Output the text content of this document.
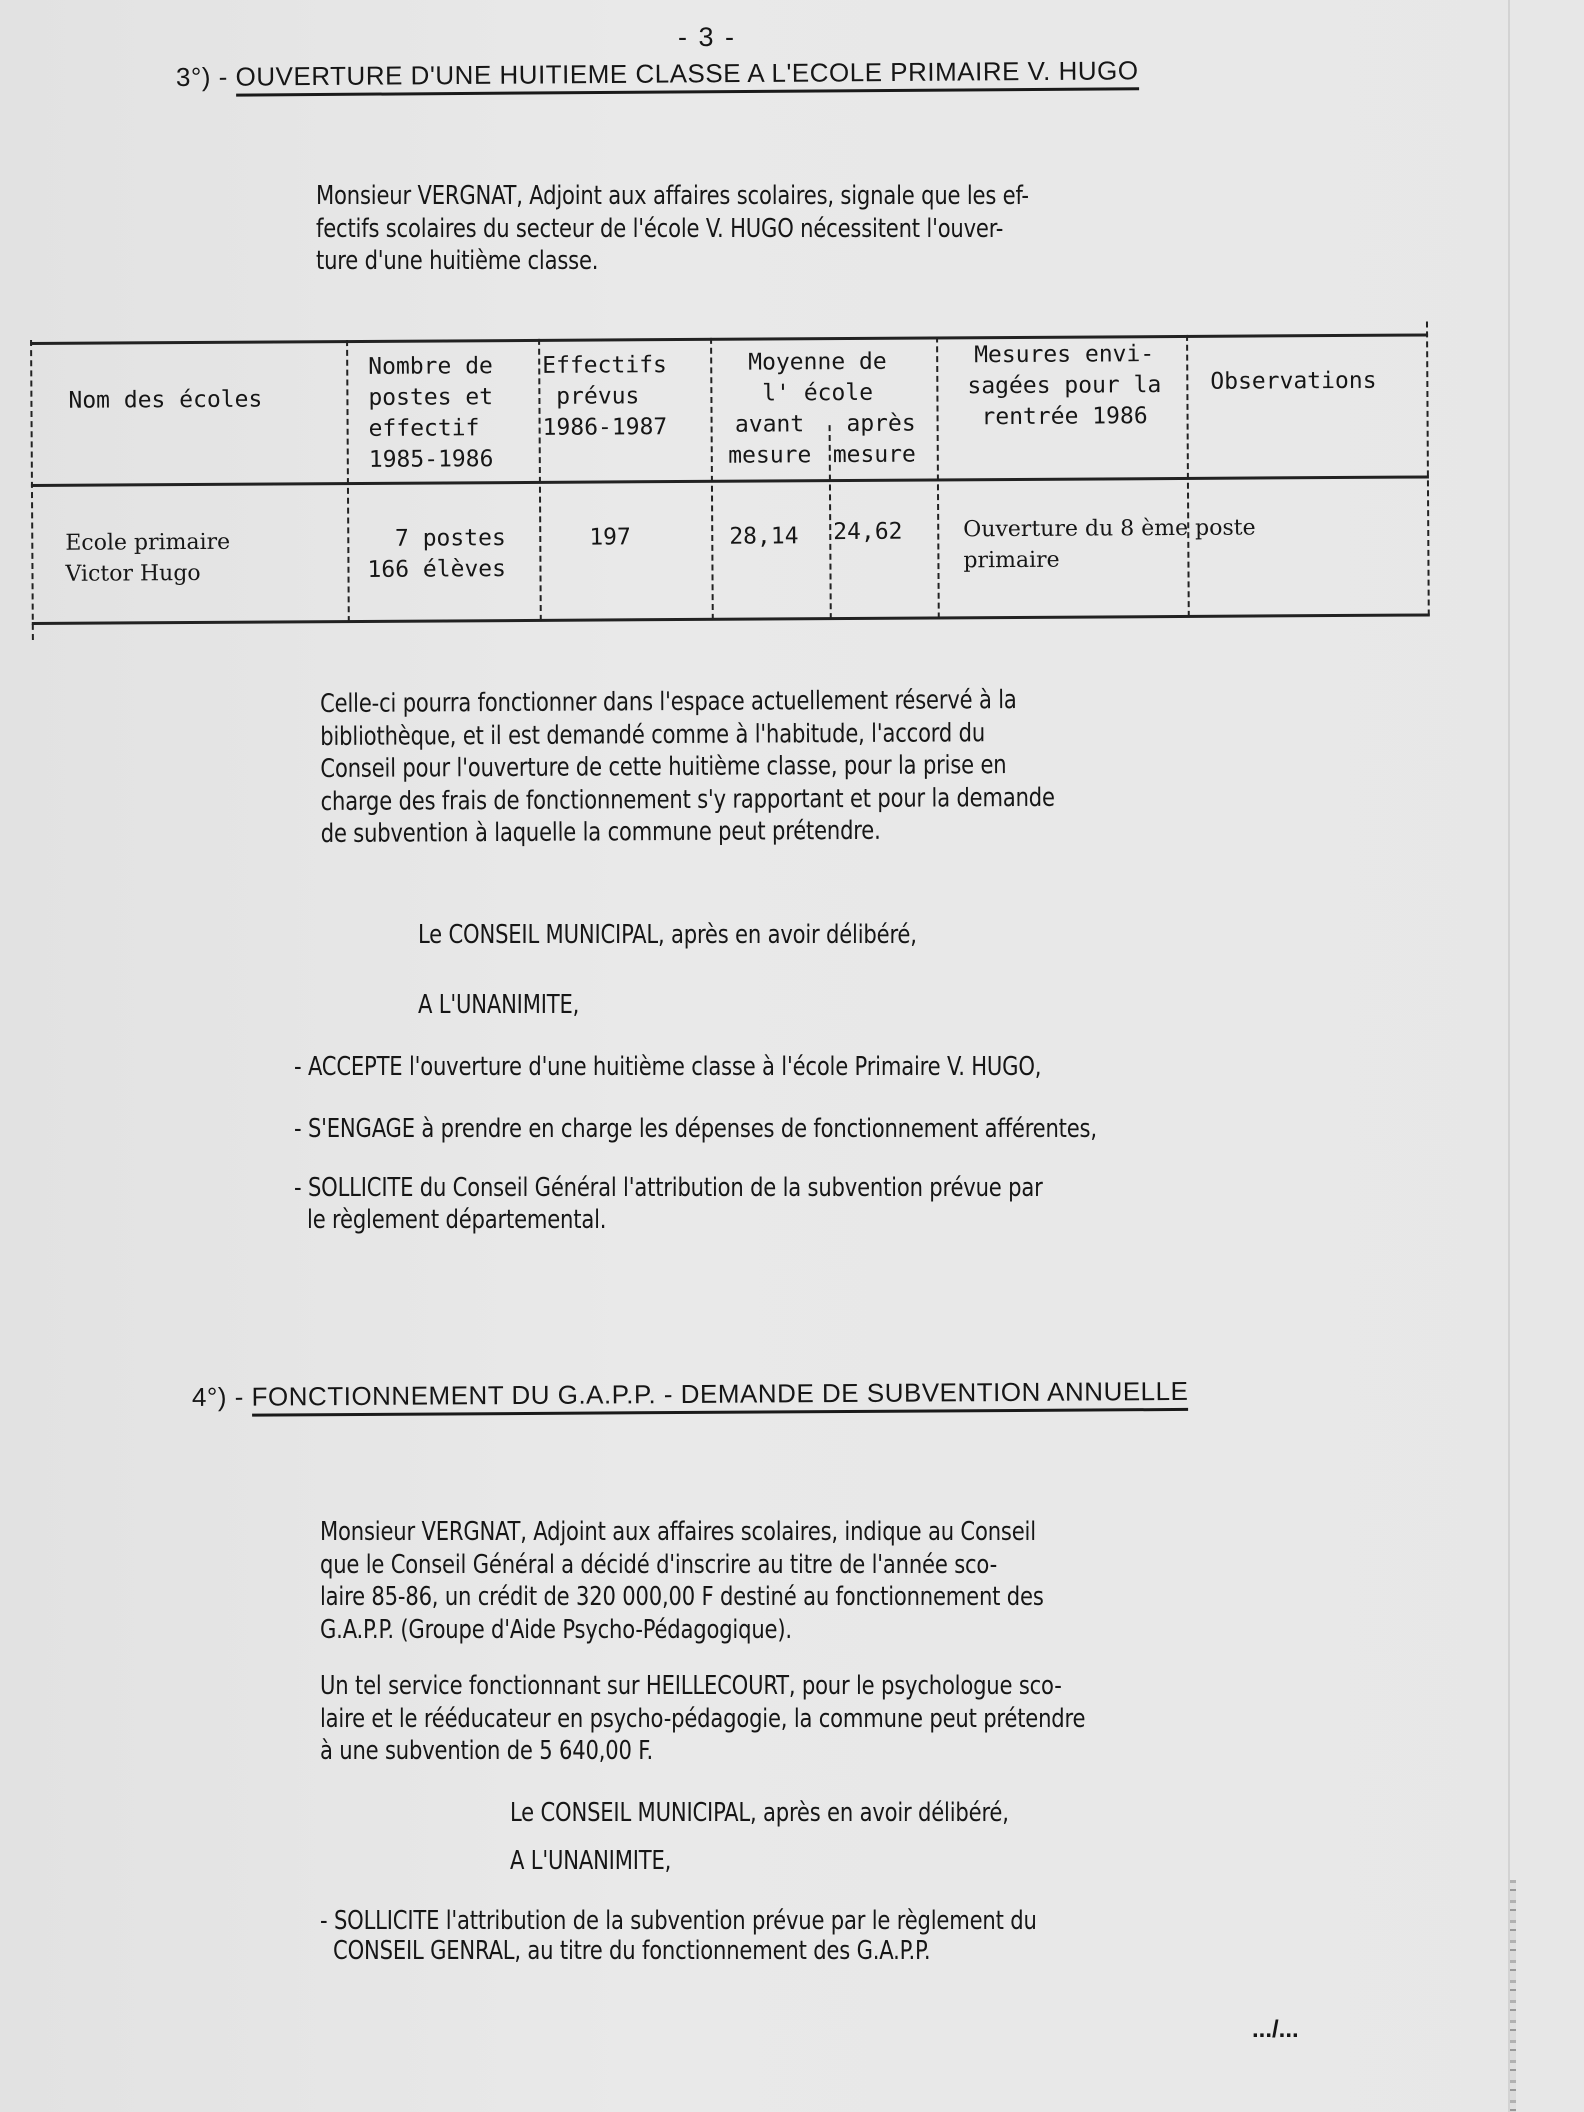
- 3 -
3°) - OUVERTURE D'UNE HUITIEME CLASSE A L'ECOLE PRIMAIRE V. HUGO
Monsieur VERGNAT, Adjoint aux affaires scolaires, signale que les ef-
fectifs scolaires du secteur de l'école V. HUGO nécessitent l'ouver-
ture d'une huitième classe.
Nom des écoles
Nombre de
postes et
effectif
1985-1986
Effectifs
prévus
1986-1987
Moyenne de
l' école
avant
mesure
après
mesure
Mesures envi-
sagées pour la
rentrée 1986
Observations
Ecole primaire
Victor Hugo
7 postes
166 élèves
197	28,14 24,62	Ouverture du 8 ème poste
primaire
Celle-ci pourra fonctionner dans l'espace actuellement réservé à la
bibliothèque, et il est demandé comme à l'habitude, l'accord du
Conseil pour l'ouverture de cette huitième classe, pour la prise en
charge des frais de fonctionnement s'y rapportant et pour la demande
de subvention à laquelle la commune peut prétendre.
Le CONSEIL MUNICIPAL, après en avoir délibéré,
A L'UNANIMITE,
- ACCEPTE l'ouverture d'une huitième classe à l'école Primaire V. HUGO,
- S'ENGAGE à prendre en charge les dépenses de fonctionnement afférentes,
- SOLLICITE du Conseil Général l'attribution de la subvention prévue par
le règlement départemental.
4°) - FONCTIONNEMENT DU G.A.P.P. - DEMANDE DE SUBVENTION ANNUELLE
Monsieur VERGNAT, Adjoint aux affaires scolaires, indique au Conseil
que le Conseil Général a décidé d'inscrire au titre de l'année sco-
laire 85-86, un crédit de 320 000,00 F destiné au fonctionnement des
G.A.P.P. (Groupe d'Aide Psycho-Pédagogique).
Un tel service fonctionnant sur HEILLECOURT, pour le psychologue sco-
laire et le rééducateur en psycho-pédagogie, la commune peut prétendre
à une subvention de 5 640,00 F.
Le CONSEIL MUNICIPAL, après en avoir délibéré,
A L'UNANIMITE,
- SOLLICITE l'attribution de la subvention prévue par le règlement du
CONSEIL GENRAL, au titre du fonctionnement des G.A.P.P.
.../...
